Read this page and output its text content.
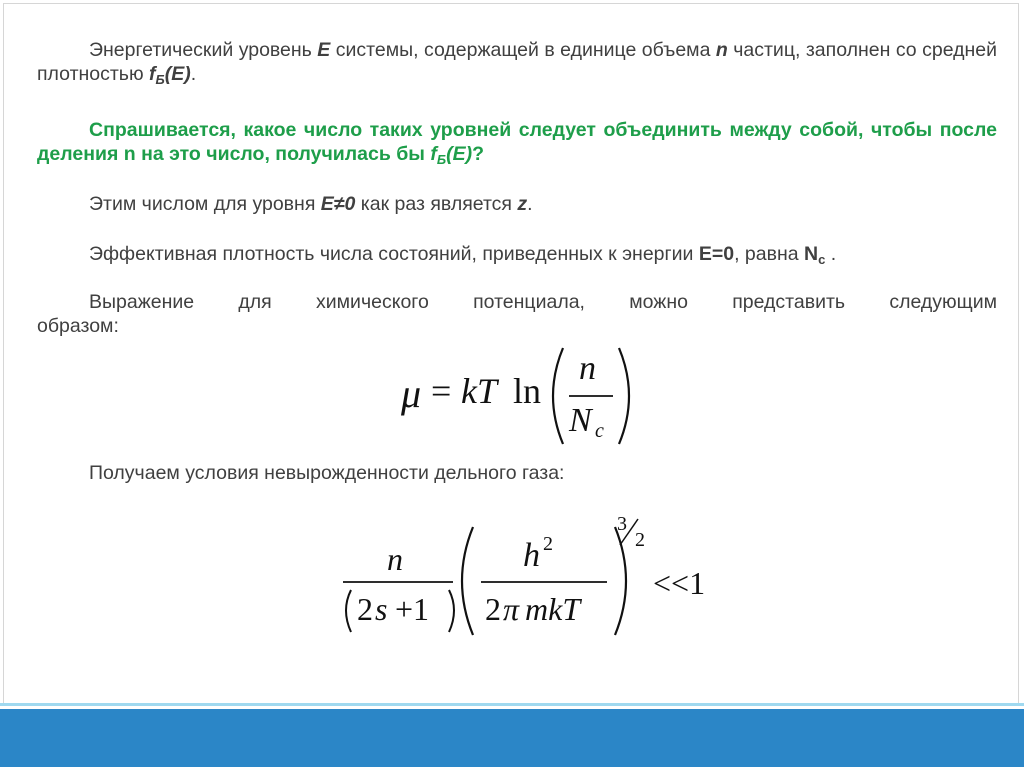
Энергетический уровень E системы, содержащей в единице объема n частиц, заполнен со средней плотностью $f_Б(E)$.

Спрашивается, какое число таких уровней следует объединить между собой, чтобы после деления n на это число, получилась бы $f_Б(E)$?

Этим числом для уровня E≠0 как раз является z.

Эффективная плотность числа состояний, приведенных к энергии E=0, равна $N_c$ .

Выражение для химического потенциала, можно представить следующим

образом:

μ = kT ln
n
N c

Получаем условия невырожденности дельного газа:

n
2 s +1
h 2
2 π mkT
3
2
<<1
